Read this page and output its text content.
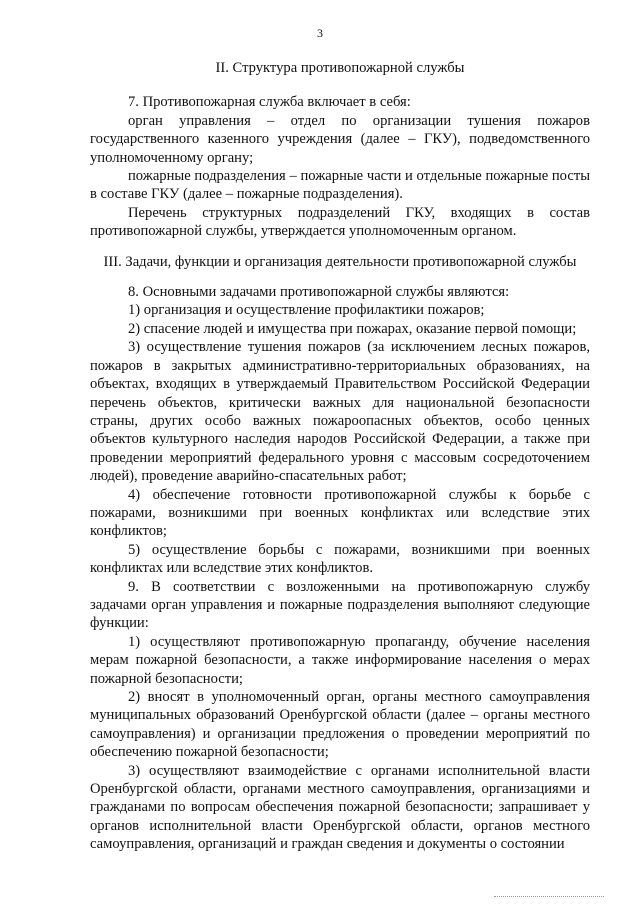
3
II. Структура противопожарной службы

7. Противопожарная служба включает в себя:

орган управления – отдел по организации тушения пожаров государственного казенного учреждения (далее – ГКУ), подведомственного уполномоченному органу;

пожарные подразделения – пожарные части и отдельные пожарные посты в составе ГКУ (далее – пожарные подразделения).

Перечень структурных подразделений ГКУ, входящих в состав противопожарной службы, утверждается уполномоченным органом.

III. Задачи, функции и организация деятельности противопожарной службы

8. Основными задачами противопожарной службы являются:

1) организация и осуществление профилактики пожаров;

2) спасение людей и имущества при пожарах, оказание первой помощи;

3) осуществление тушения пожаров (за исключением лесных пожаров, пожаров в закрытых административно-территориальных образованиях, на объектах, входящих в утверждаемый Правительством Российской Федерации перечень объектов, критически важных для национальной безопасности страны, других особо важных пожароопасных объектов, особо ценных объектов культурного наследия народов Российской Федерации, а также при проведении мероприятий федерального уровня с массовым сосредоточением людей), проведение аварийно-спасательных работ;

4) обеспечение готовности противопожарной службы к борьбе с пожарами, возникшими при военных конфликтах или вследствие этих конфликтов;

5) осуществление борьбы с пожарами, возникшими при военных конфликтах или вследствие этих конфликтов.

9. В соответствии с возложенными на противопожарную службу задачами орган управления и пожарные подразделения выполняют следующие функции:

1) осуществляют противопожарную пропаганду, обучение населения мерам пожарной безопасности, а также информирование населения о мерах пожарной безопасности;

2) вносят в уполномоченный орган, органы местного самоуправления муниципальных образований Оренбургской области (далее – органы местного самоуправления) и организации предложения о проведении мероприятий по обеспечению пожарной безопасности;

3) осуществляют взаимодействие с органами исполнительной власти Оренбургской области, органами местного самоуправления, организациями и гражданами по вопросам обеспечения пожарной безопасности; запрашивает у органов исполнительной власти Оренбургской области, органов местного самоуправления, организаций и граждан сведения и документы о состоянии
